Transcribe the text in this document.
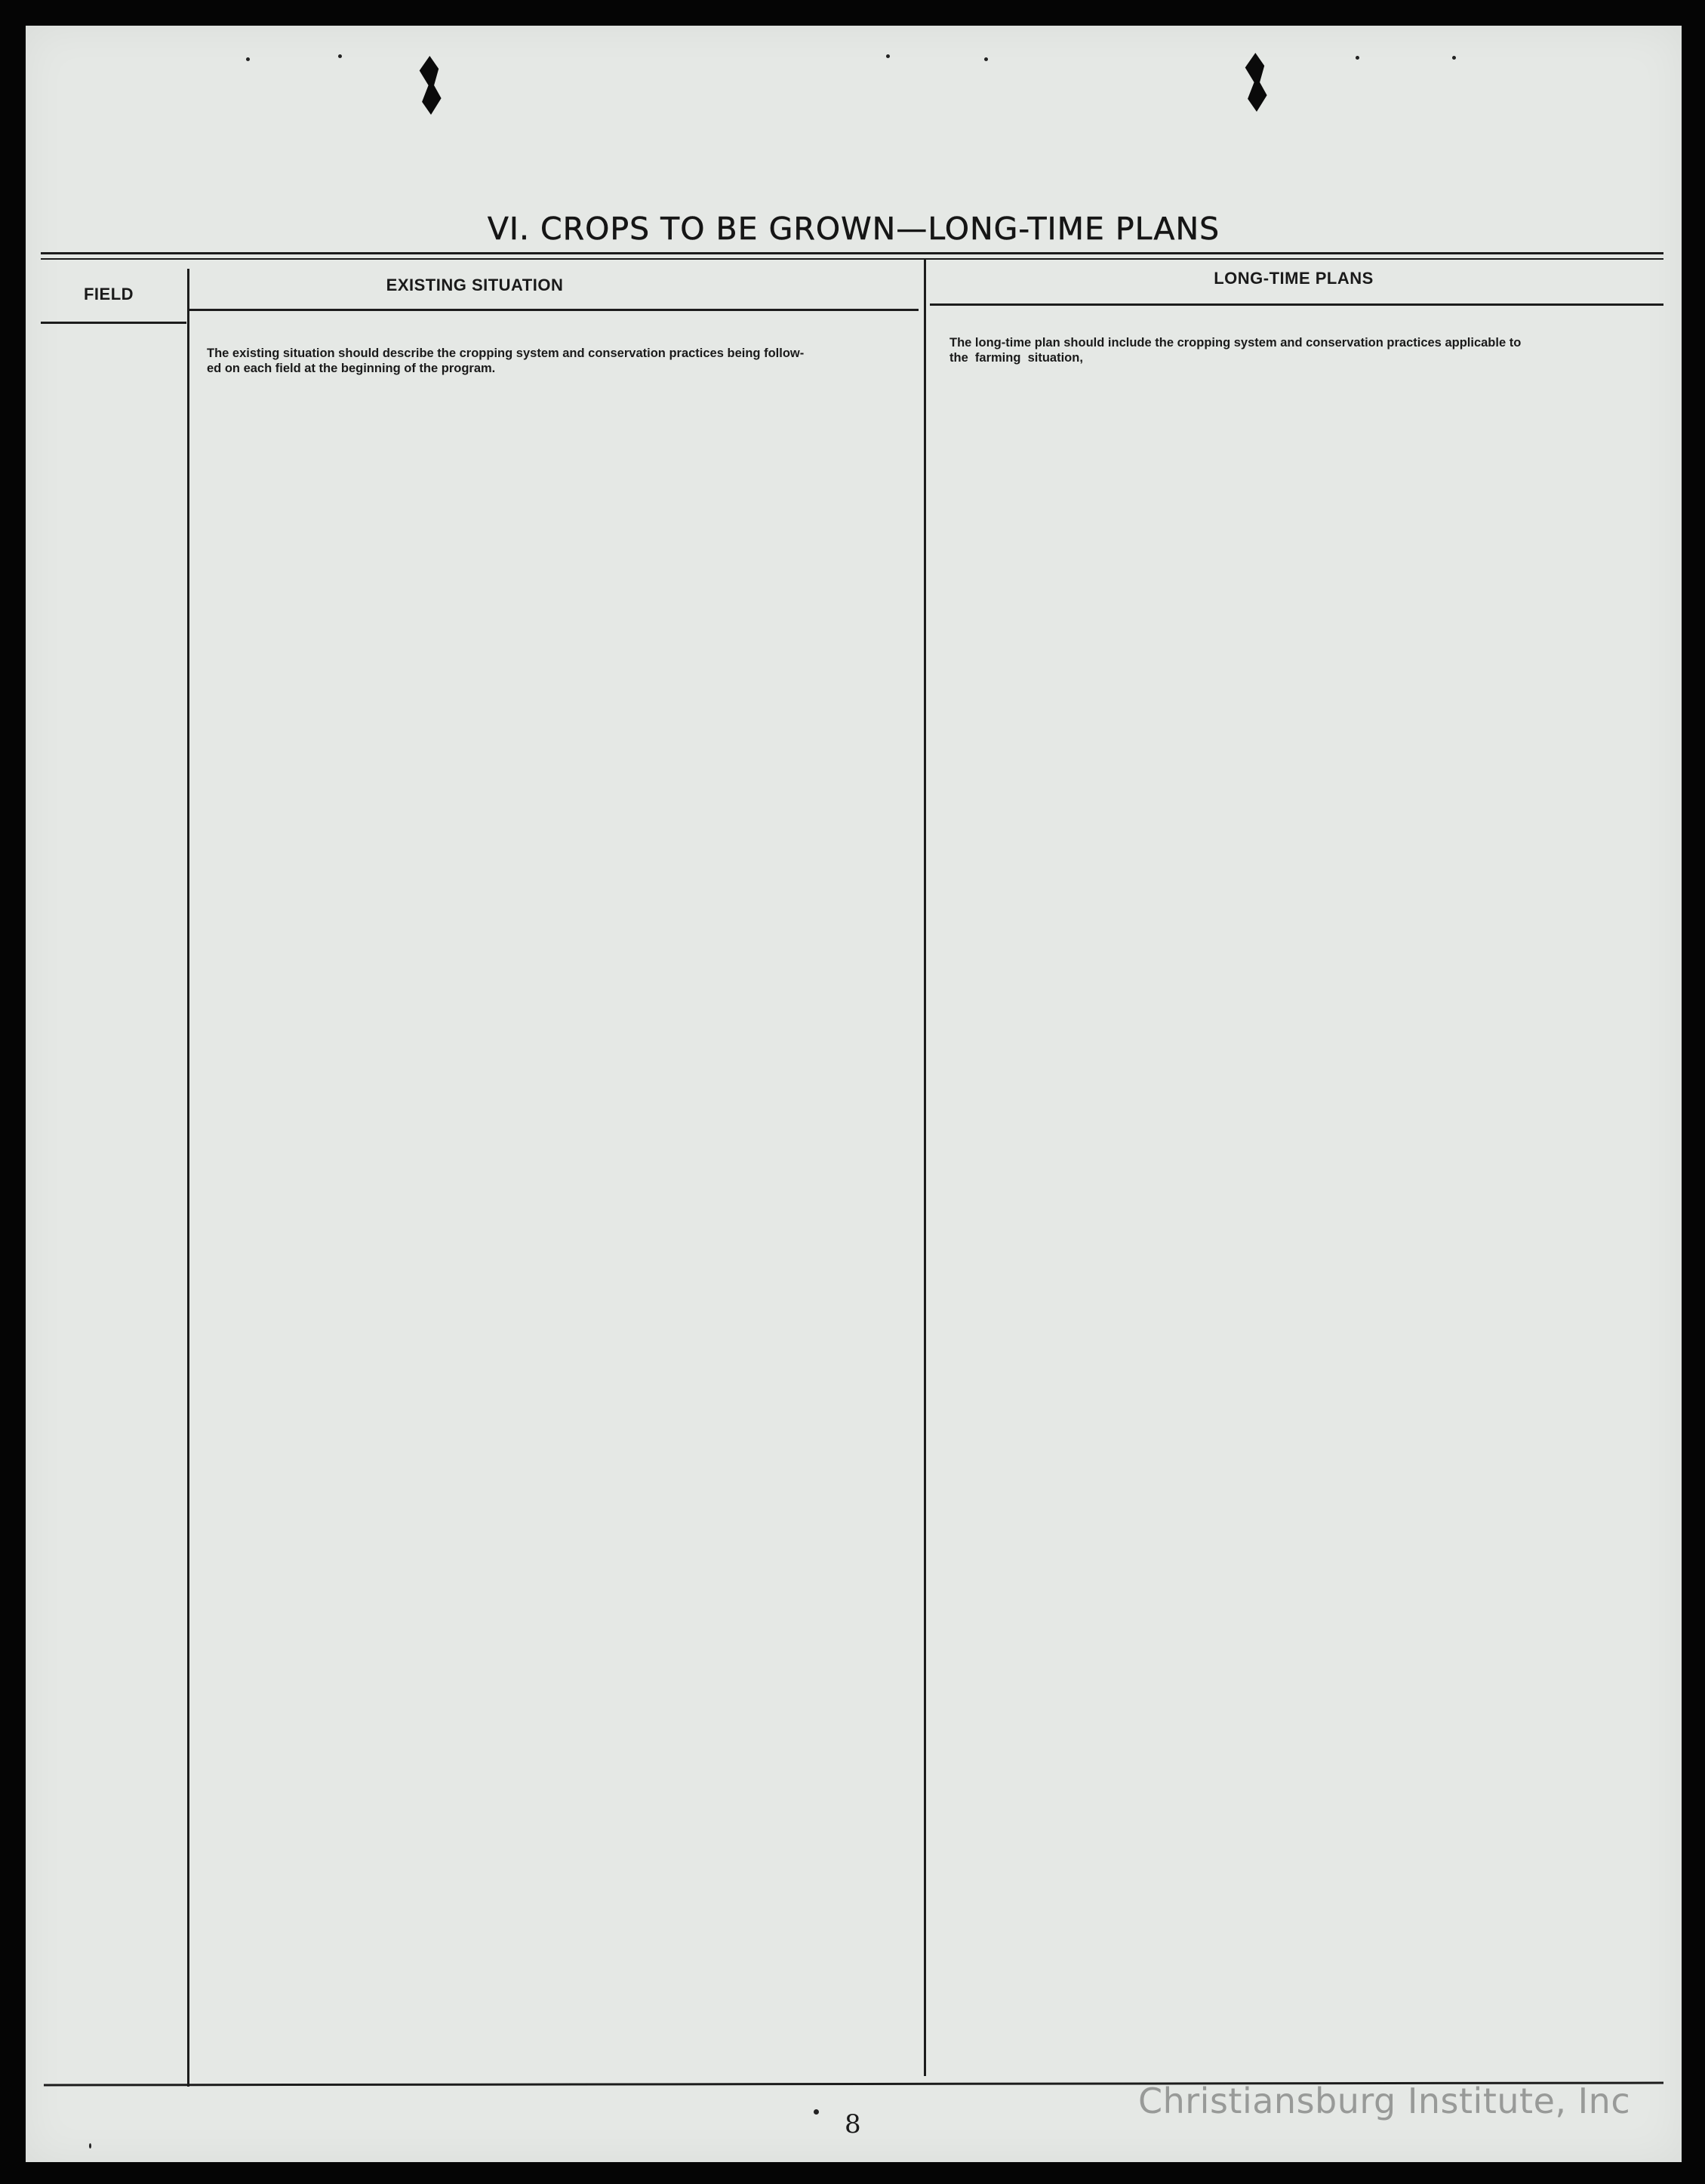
VI. CROPS TO BE GROWN—LONG-TIME PLANS
FIELD	EXISTING SITUATION	LONG-TIME PLANS
The existing situation should describe the cropping system and conservation practices being follow-
ed on each field at the beginning of the program.
The long-time plan should include the cropping system and conservation practices applicable to
the  farming  situation,
8
Christiansburg Institute, Inc
